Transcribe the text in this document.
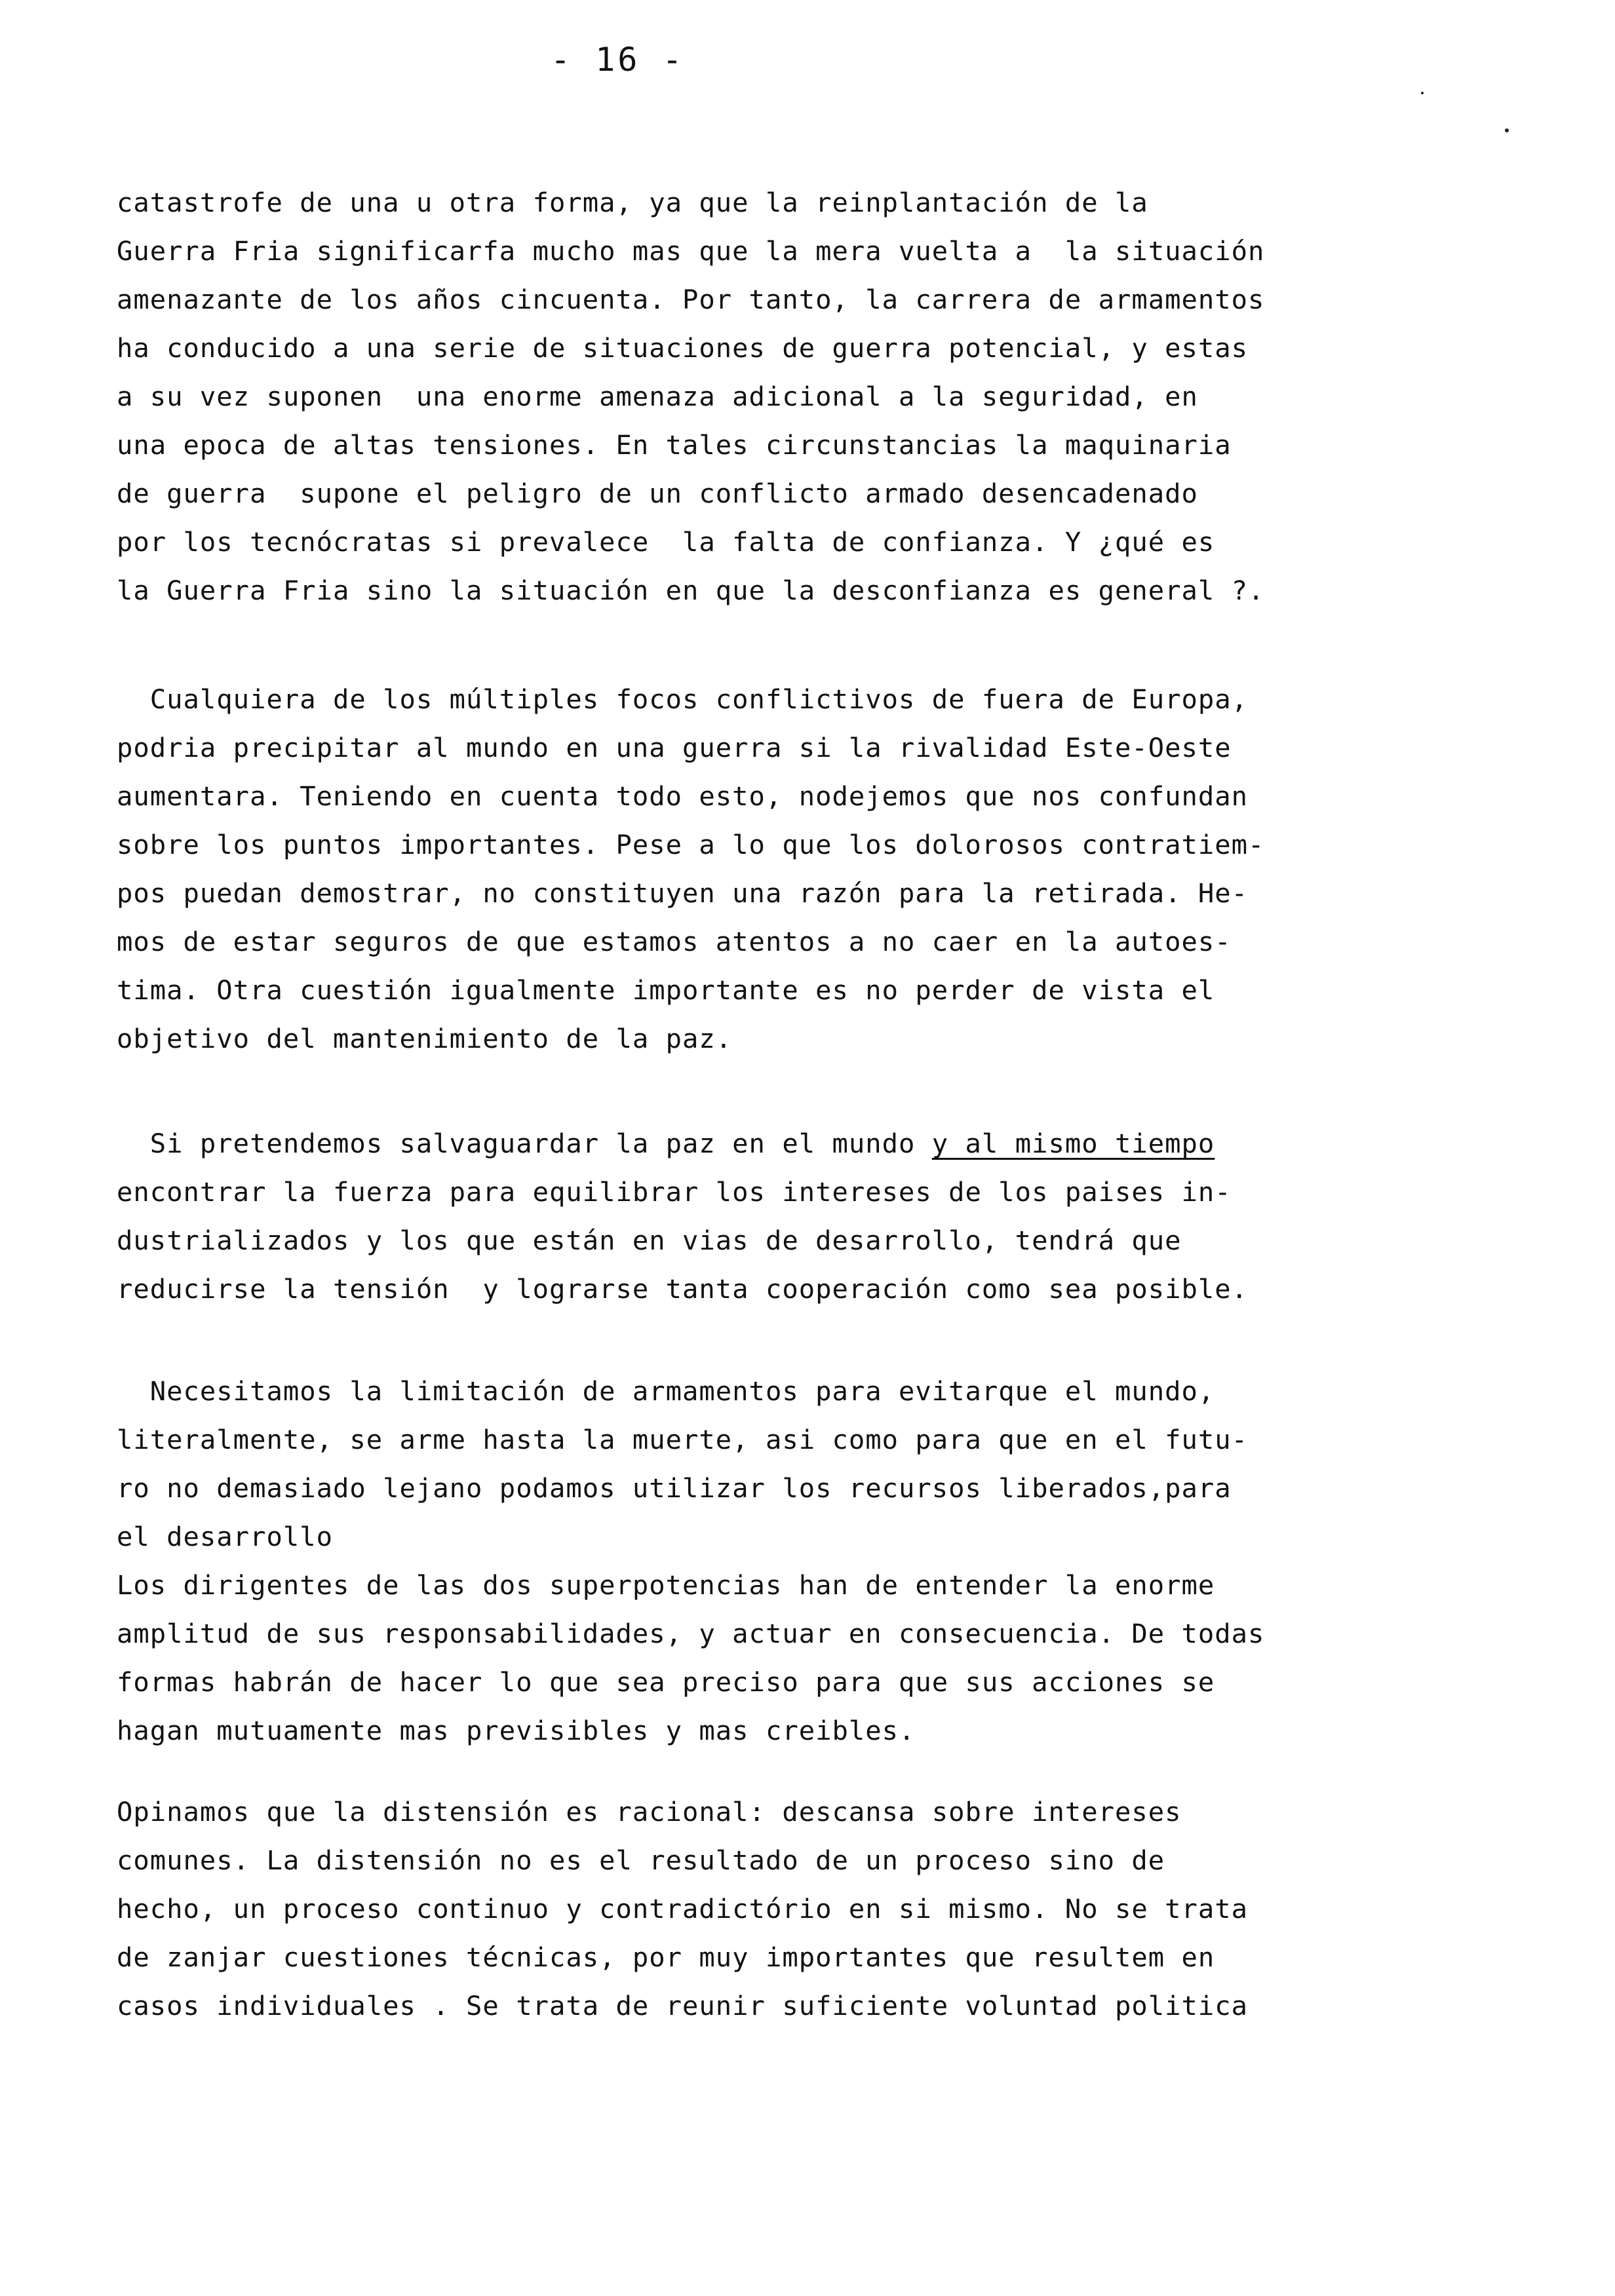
- 16 -
catastrofe de una u otra forma, ya que la reinplantación de la
Guerra Fria significarfa mucho mas que la mera vuelta a  la situación
amenazante de los años cincuenta. Por tanto, la carrera de armamentos
ha conducido a una serie de situaciones de guerra potencial, y estas
a su vez suponen  una enorme amenaza adicional a la seguridad, en
una epoca de altas tensiones. En tales circunstancias la maquinaria
de guerra  supone el peligro de un conflicto armado desencadenado
por los tecnócratas si prevalece  la falta de confianza. Y ¿qué es
la Guerra Fria sino la situación en que la desconfianza es general ?.
Cualquiera de los múltiples focos conflictivos de fuera de Europa,
podria precipitar al mundo en una guerra si la rivalidad Este-Oeste
aumentara. Teniendo en cuenta todo esto, nodejemos que nos confundan
sobre los puntos importantes. Pese a lo que los dolorosos contratiem-
pos puedan demostrar, no constituyen una razón para la retirada. He-
mos de estar seguros de que estamos atentos a no caer en la autoes-
tima. Otra cuestión igualmente importante es no perder de vista el
objetivo del mantenimiento de la paz.
Si pretendemos salvaguardar la paz en el mundo y al mismo tiempo
encontrar la fuerza para equilibrar los intereses de los paises in-
dustrializados y los que están en vias de desarrollo, tendrá que
reducirse la tensión  y lograrse tanta cooperación como sea posible.
Necesitamos la limitación de armamentos para evitarque el mundo,
literalmente, se arme hasta la muerte, asi como para que en el futu-
ro no demasiado lejano podamos utilizar los recursos liberados,para
el desarrollo
Los dirigentes de las dos superpotencias han de entender la enorme
amplitud de sus responsabilidades, y actuar en consecuencia. De todas
formas habrán de hacer lo que sea preciso para que sus acciones se
hagan mutuamente mas previsibles y mas creibles.
Opinamos que la distensión es racional: descansa sobre intereses
comunes. La distensión no es el resultado de un proceso sino de
hecho, un proceso continuo y contradictório en si mismo. No se trata
de zanjar cuestiones técnicas, por muy importantes que resultem en
casos individuales . Se trata de reunir suficiente voluntad politica
